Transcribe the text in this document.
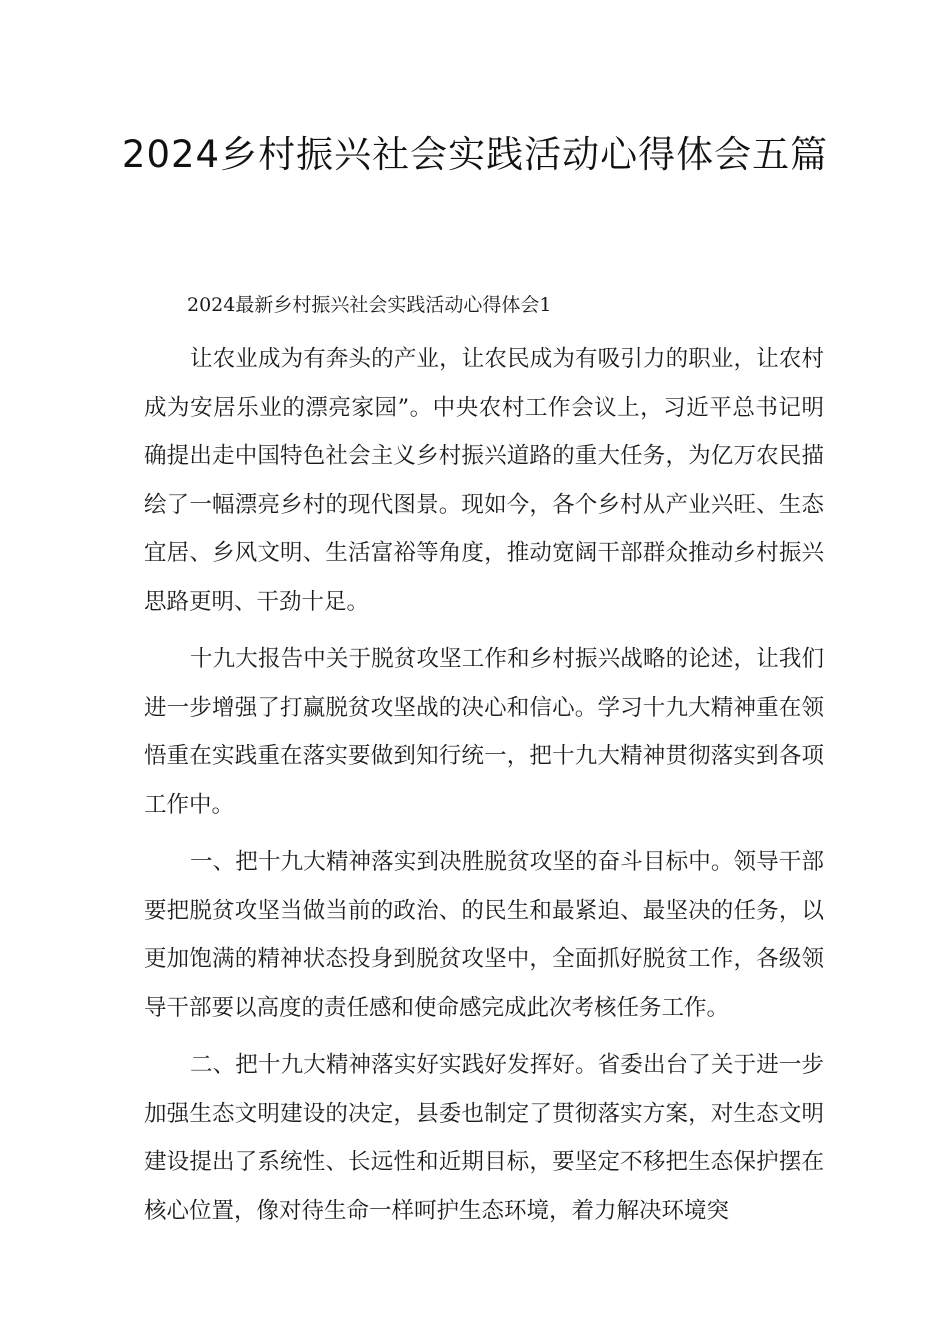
2024乡村振兴社会实践活动心得体会五篇

2024最新乡村振兴社会实践活动心得体会1

让农业成为有奔头的产业，让农民成为有吸引力的职业，让农村成为安居乐业的漂亮家园”。中央农村工作会议上，习近平总书记明确提出走中国特色社会主义乡村振兴道路的重大任务，为亿万农民描绘了一幅漂亮乡村的现代图景。现如今，各个乡村从产业兴旺、生态宜居、乡风文明、生活富裕等角度，推动宽阔干部群众推动乡村振兴思路更明、干劲十足。

十九大报告中关于脱贫攻坚工作和乡村振兴战略的论述，让我们进一步增强了打赢脱贫攻坚战的决心和信心。学习十九大精神重在领悟重在实践重在落实要做到知行统一，把十九大精神贯彻落实到各项工作中。

一、把十九大精神落实到决胜脱贫攻坚的奋斗目标中。领导干部要把脱贫攻坚当做当前的政治、的民生和最紧迫、最坚决的任务，以更加饱满的精神状态投身到脱贫攻坚中，全面抓好脱贫工作，各级领导干部要以高度的责任感和使命感完成此次考核任务工作。

二、把十九大精神落实好实践好发挥好。省委出台了关于进一步加强生态文明建设的决定，县委也制定了贯彻落实方案，对生态文明建设提出了系统性、长远性和近期目标，要坚定不移把生态保护摆在核心位置，像对待生命一样呵护生态环境，着力解决环境突
